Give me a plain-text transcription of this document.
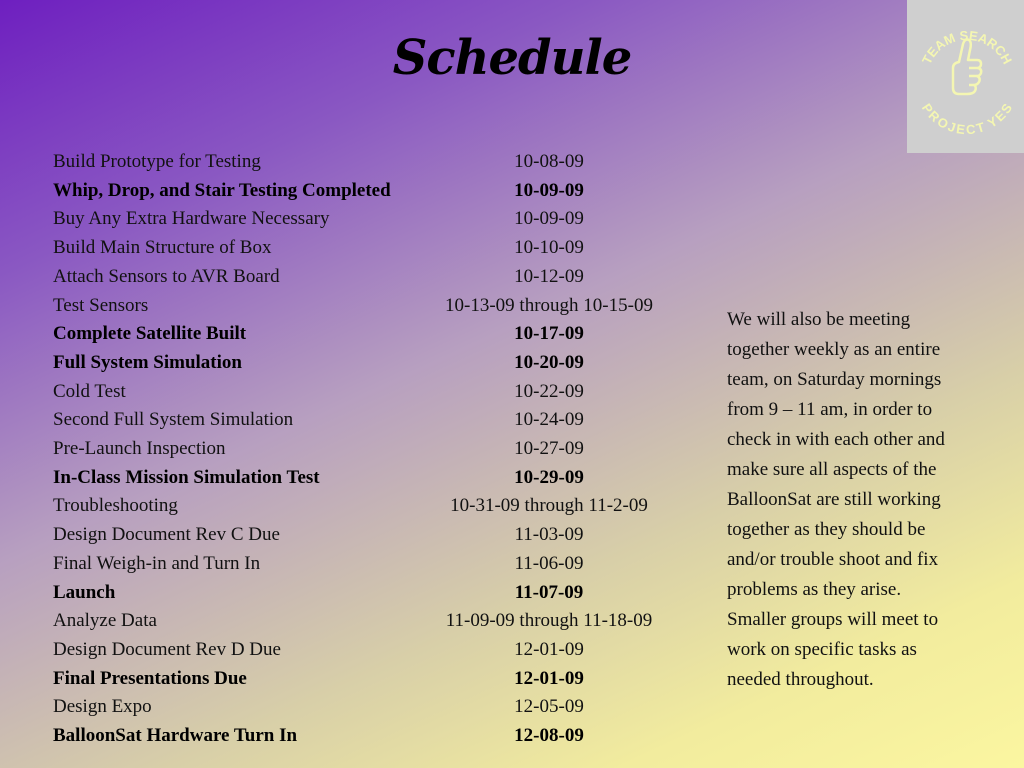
Schedule	TEAM SEARCH
PROJECT YES
Build Prototype for Testing	10-08-09
Whip, Drop, and Stair Testing Completed	10-09-09
Buy Any Extra Hardware Necessary	10-09-09
Build Main Structure of Box	10-10-09
Attach Sensors to AVR Board	10-12-09
Test Sensors	10-13-09 through 10-15-09
Complete Satellite Built	10-17-09
Full System Simulation	10-20-09
Cold Test	10-22-09
Second Full System Simulation	10-24-09
Pre-Launch Inspection	10-27-09
In-Class Mission Simulation Test	10-29-09
Troubleshooting	10-31-09 through 11-2-09
Design Document Rev C Due	11-03-09
Final Weigh-in and Turn In	11-06-09
Launch	11-07-09
Analyze Data	11-09-09 through 11-18-09
Design Document Rev D Due	12-01-09
Final Presentations Due	12-01-09
Design Expo	12-05-09
BalloonSat Hardware Turn In	12-08-09
We will also be meeting
together weekly as an entire
team, on Saturday mornings
from 9 – 11 am, in order to
check in with each other and
make sure all aspects of the
BalloonSat are still working
together as they should be
and/or trouble shoot and fix
problems as they arise.
Smaller groups will meet to
work on specific tasks as
needed throughout.
